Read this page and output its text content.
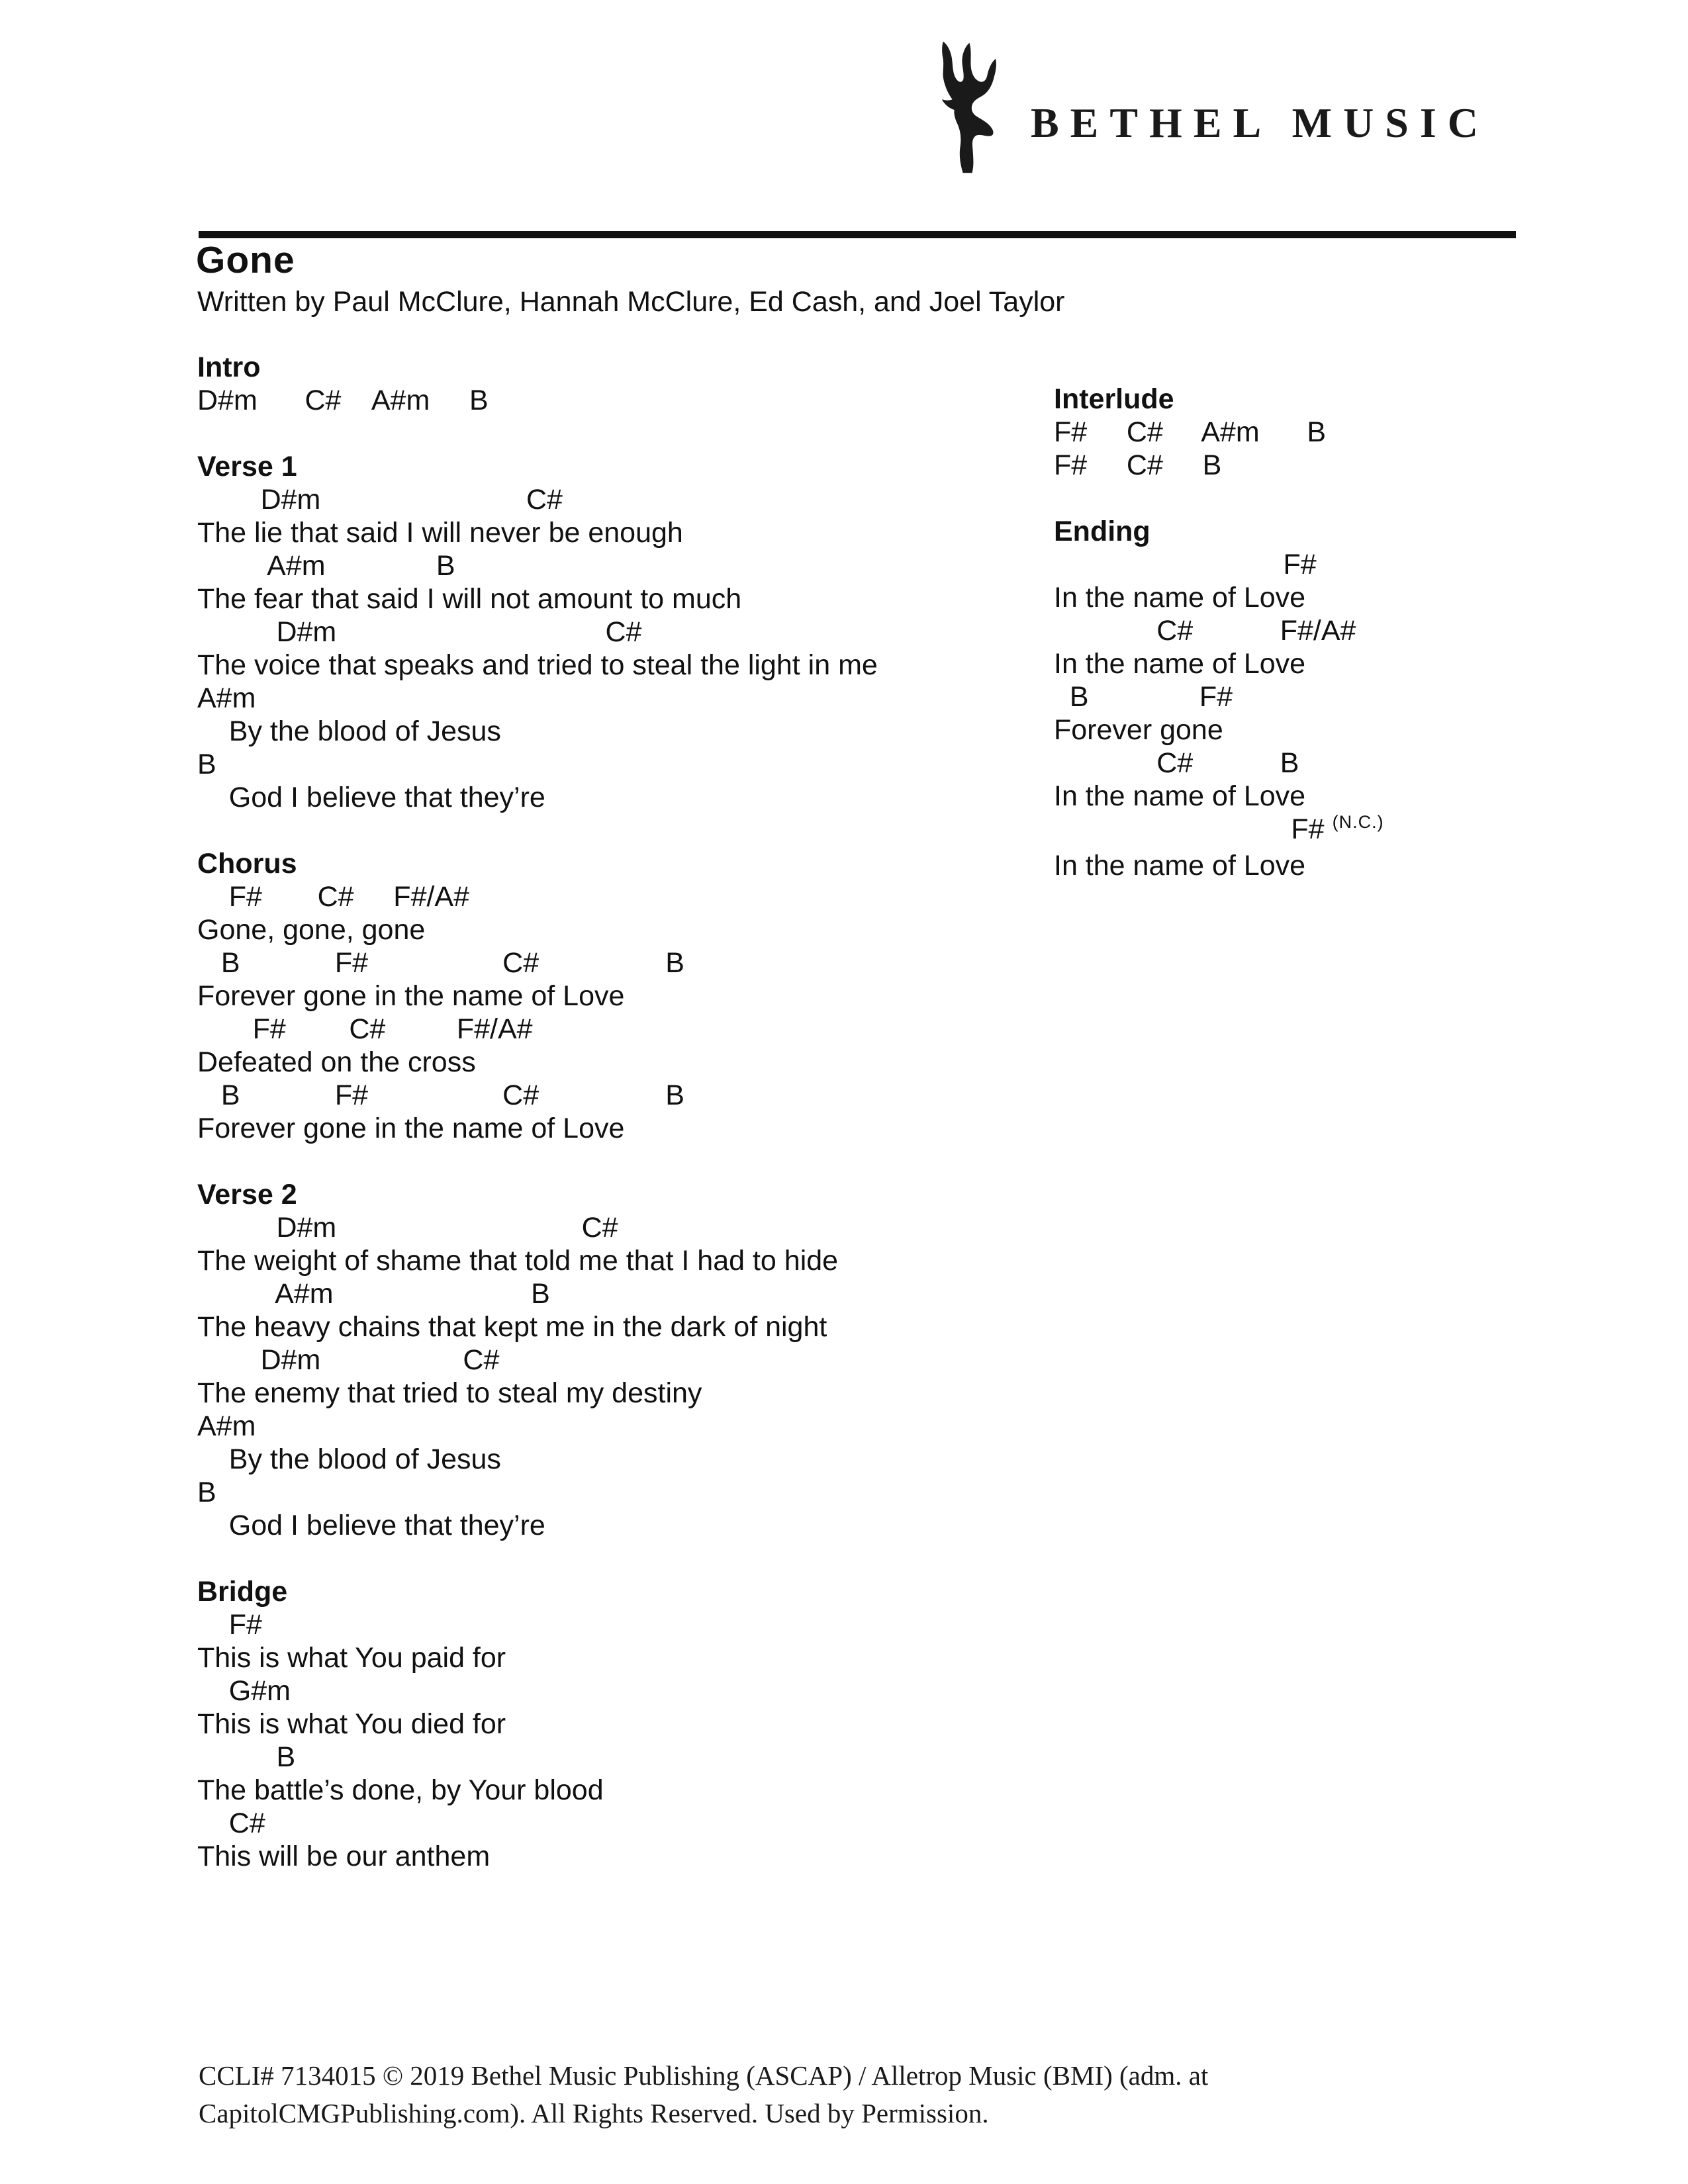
BETHEL MUSIC
Gone
Written by Paul McClure, Hannah McClure, Ed Cash, and Joel Taylor
Intro
D#m      C#    A#m     B
Verse 1
D#m                          C#
The lie that said I will never be enough
A#m              B
The fear that said I will not amount to much
D#m                                  C#
The voice that speaks and tried to steal the light in me
A#m
By the blood of Jesus
B
God I believe that they’re
Chorus
F#       C#     F#/A#
Gone, gone, gone
B            F#                 C#                B
Forever gone in the name of Love
F#        C#         F#/A#
Defeated on the cross
B            F#                 C#                B
Forever gone in the name of Love
Verse 2
D#m                               C#
The weight of shame that told me that I had to hide
A#m                         B
The heavy chains that kept me in the dark of night
D#m                  C#
The enemy that tried to steal my destiny
A#m
By the blood of Jesus
B
God I believe that they’re
Bridge
F#
This is what You paid for
G#m
This is what You died for
B
The battle’s done, by Your blood
C#
This will be our anthem
Interlude
F#     C#     A#m      B
F#     C#     B
Ending
F#
In the name of Love
C#           F#/A#
In the name of Love
B              F#
Forever gone
C#           B
In the name of Love
F# $^{(N.C.)}$
In the name of Love
CCLI# 7134015 © 2019 Bethel Music Publishing (ASCAP) / Alletrop Music (BMI) (adm. at
CapitolCMGPublishing.com). All Rights Reserved. Used by Permission.
